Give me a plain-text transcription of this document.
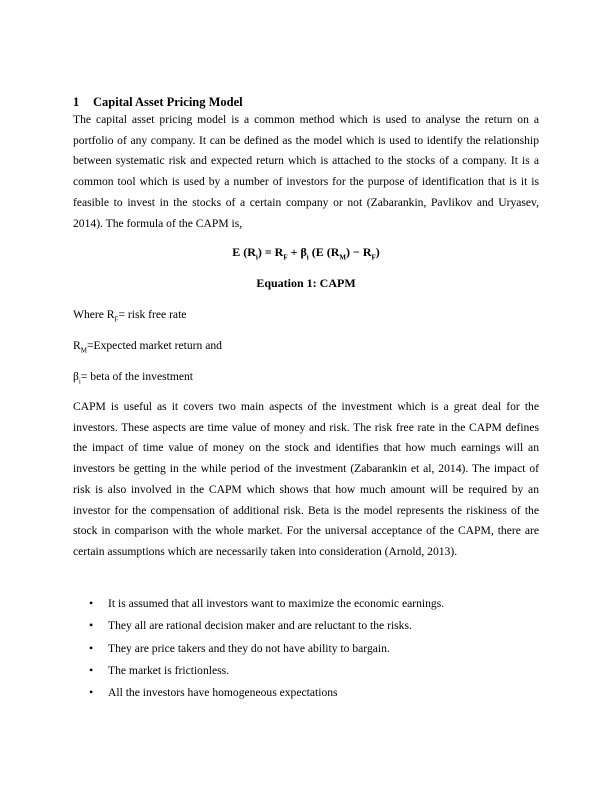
1 Capital Asset Pricing Model

The capital asset pricing model is a common method which is used to analyse the return on a portfolio of any company. It can be defined as the model which is used to identify the relationship between systematic risk and expected return which is attached to the stocks of a company. It is a common tool which is used by a number of investors for the purpose of identification that is it is feasible to invest in the stocks of a certain company or not (Zabarankin, Pavlikov and Uryasev, 2014). The formula of the CAPM is,

E $(R_i) = R_F + \beta_i$ (E $(R_M) - R_F$)
Equation 1: CAPM
Where $R_F=$ risk free rate
$R_M=Expected$ market return and
$\beta_i=$ beta of the investment

CAPM is useful as it covers two main aspects of the investment which is a great deal for the investors. These aspects are time value of money and risk. The risk free rate in the CAPM defines the impact of time value of money on the stock and identifies that how much earnings will an investors be getting in the while period of the investment (Zabarankin et al, 2014). The impact of risk is also involved in the CAPM which shows that how much amount will be required by an investor for the compensation of additional risk. Beta is the model represents the riskiness of the stock in comparison with the whole market. For the universal acceptance of the CAPM, there are certain assumptions which are necessarily taken into consideration (Arnold, 2013).

• It is assumed that all investors want to maximize the economic earnings.
• They all are rational decision maker and are reluctant to the risks.
• They are price takers and they do not have ability to bargain.
• The market is frictionless.
• All the investors have homogeneous expectations
